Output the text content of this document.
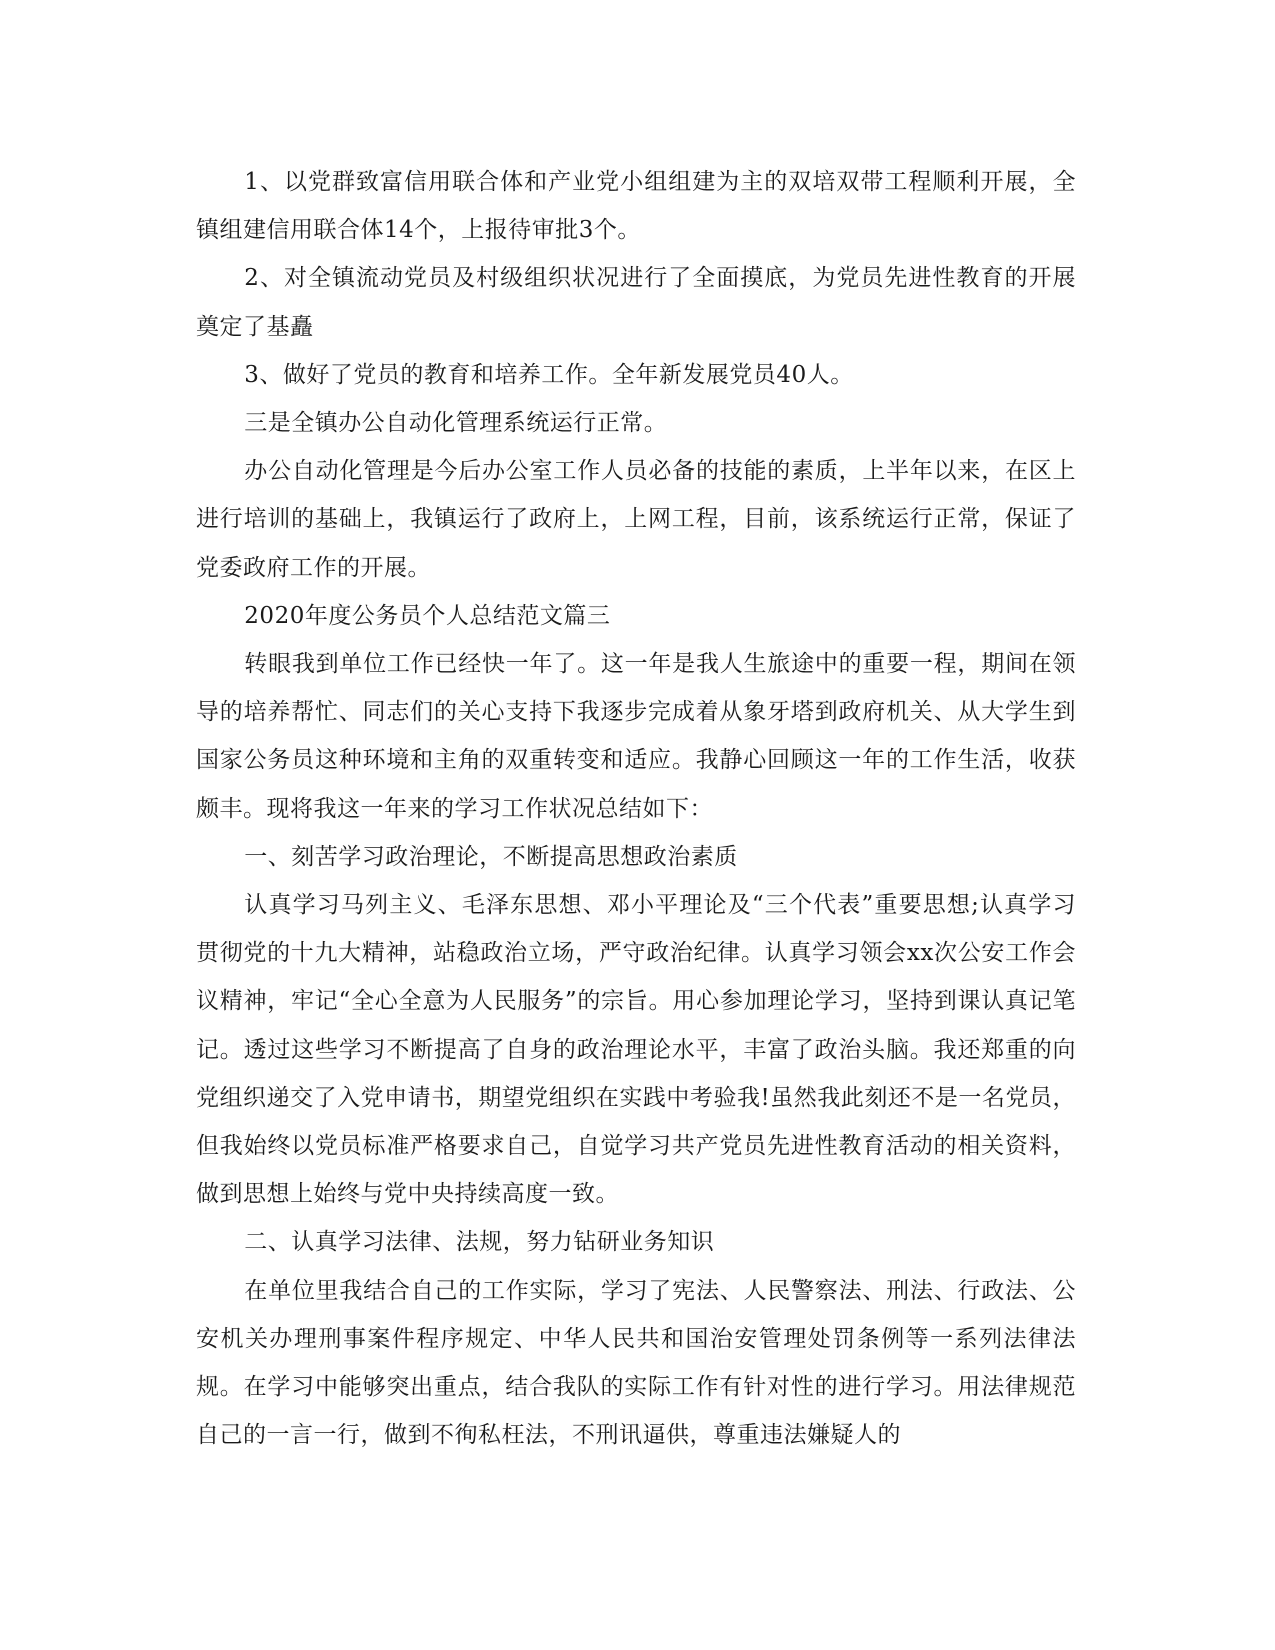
1、以党群致富信用联合体和产业党小组组建为主的双培双带工程顺利开展，全镇组建信用联合体14个，上报待审批3个。

2、对全镇流动党员及村级组织状况进行了全面摸底，为党员先进性教育的开展奠定了基矗

3、做好了党员的教育和培养工作。全年新发展党员40人。

三是全镇办公自动化管理系统运行正常。

办公自动化管理是今后办公室工作人员必备的技能的素质，上半年以来，在区上进行培训的基础上，我镇运行了政府上，上网工程，目前，该系统运行正常，保证了党委政府工作的开展。

2020年度公务员个人总结范文篇三

转眼我到单位工作已经快一年了。这一年是我人生旅途中的重要一程，期间在领导的培养帮忙、同志们的关心支持下我逐步完成着从象牙塔到政府机关、从大学生到国家公务员这种环境和主角的双重转变和适应。我静心回顾这一年的工作生活，收获颇丰。现将我这一年来的学习工作状况总结如下：

一、刻苦学习政治理论，不断提高思想政治素质

认真学习马列主义、毛泽东思想、邓小平理论及“三个代表”重要思想;认真学习贯彻党的十九大精神，站稳政治立场，严守政治纪律。认真学习领会xx次公安工作会议精神，牢记“全心全意为人民服务”的宗旨。用心参加理论学习，坚持到课认真记笔记。透过这些学习不断提高了自身的政治理论水平，丰富了政治头脑。我还郑重的向党组织递交了入党申请书，期望党组织在实践中考验我!虽然我此刻还不是一名党员，但我始终以党员标准严格要求自己，自觉学习共产党员先进性教育活动的相关资料，做到思想上始终与党中央持续高度一致。

二、认真学习法律、法规，努力钻研业务知识

在单位里我结合自己的工作实际，学习了宪法、人民警察法、刑法、行政法、公安机关办理刑事案件程序规定、中华人民共和国治安管理处罚条例等一系列法律法规。在学习中能够突出重点，结合我队的实际工作有针对性的进行学习。用法律规范自己的一言一行，做到不徇私枉法，不刑讯逼供，尊重违法嫌疑人的
